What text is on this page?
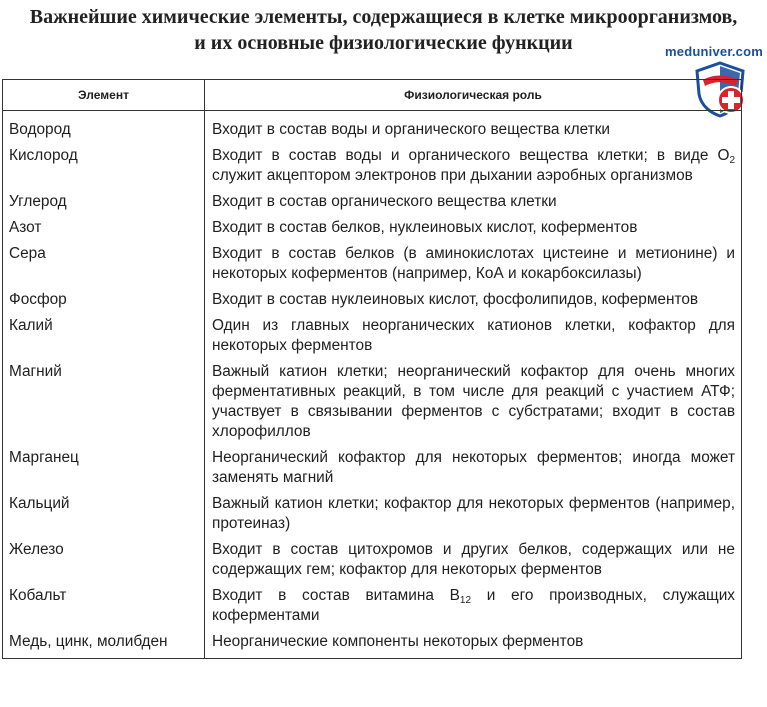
Важнейшие химические элементы, содержащиеся в клетке микроорганизмов,
и их основные физиологические функции	meduniver.com
Элемент	Физиологическая роль
Водород	Входит в состав воды и органического вещества клетки
Кислород	Входит в состав воды и органического вещества клетки; в виде $O_2$ служит акцептором электронов при дыхании аэробных организмов
Углерод	Входит в состав органического вещества клетки
Азот	Входит в состав белков, нуклеиновых кислот, коферментов
Сера	Входит в состав белков (в аминокислотах цистеине и метионине) и некоторых коферментов (например, КоА и кокарбоксилазы)
Фосфор	Входит в состав нуклеиновых кислот, фосфолипидов, коферментов
Калий	Один из главных неорганических катионов клетки, кофактор для некоторых ферментов
Магний	Важный катион клетки; неорганический кофактор для очень многих ферментативных реакций, в том числе для реакций с участием АТФ; участвует в связывании ферментов с субстратами; входит в состав хлорофиллов
Марганец	Неорганический кофактор для некоторых ферментов; иногда может заменять магний
Кальций	Важный катион клетки; кофактор для некоторых ферментов (например, протеиназ)
Железо	Входит в состав цитохромов и других белков, содержащих или не содержащих гем; кофактор для некоторых ферментов
Кобальт	Входит в состав витамина $B_{12}$ и его производных, служащих коферментами
Медь, цинк, молибден	Неорганические компоненты некоторых ферментов
